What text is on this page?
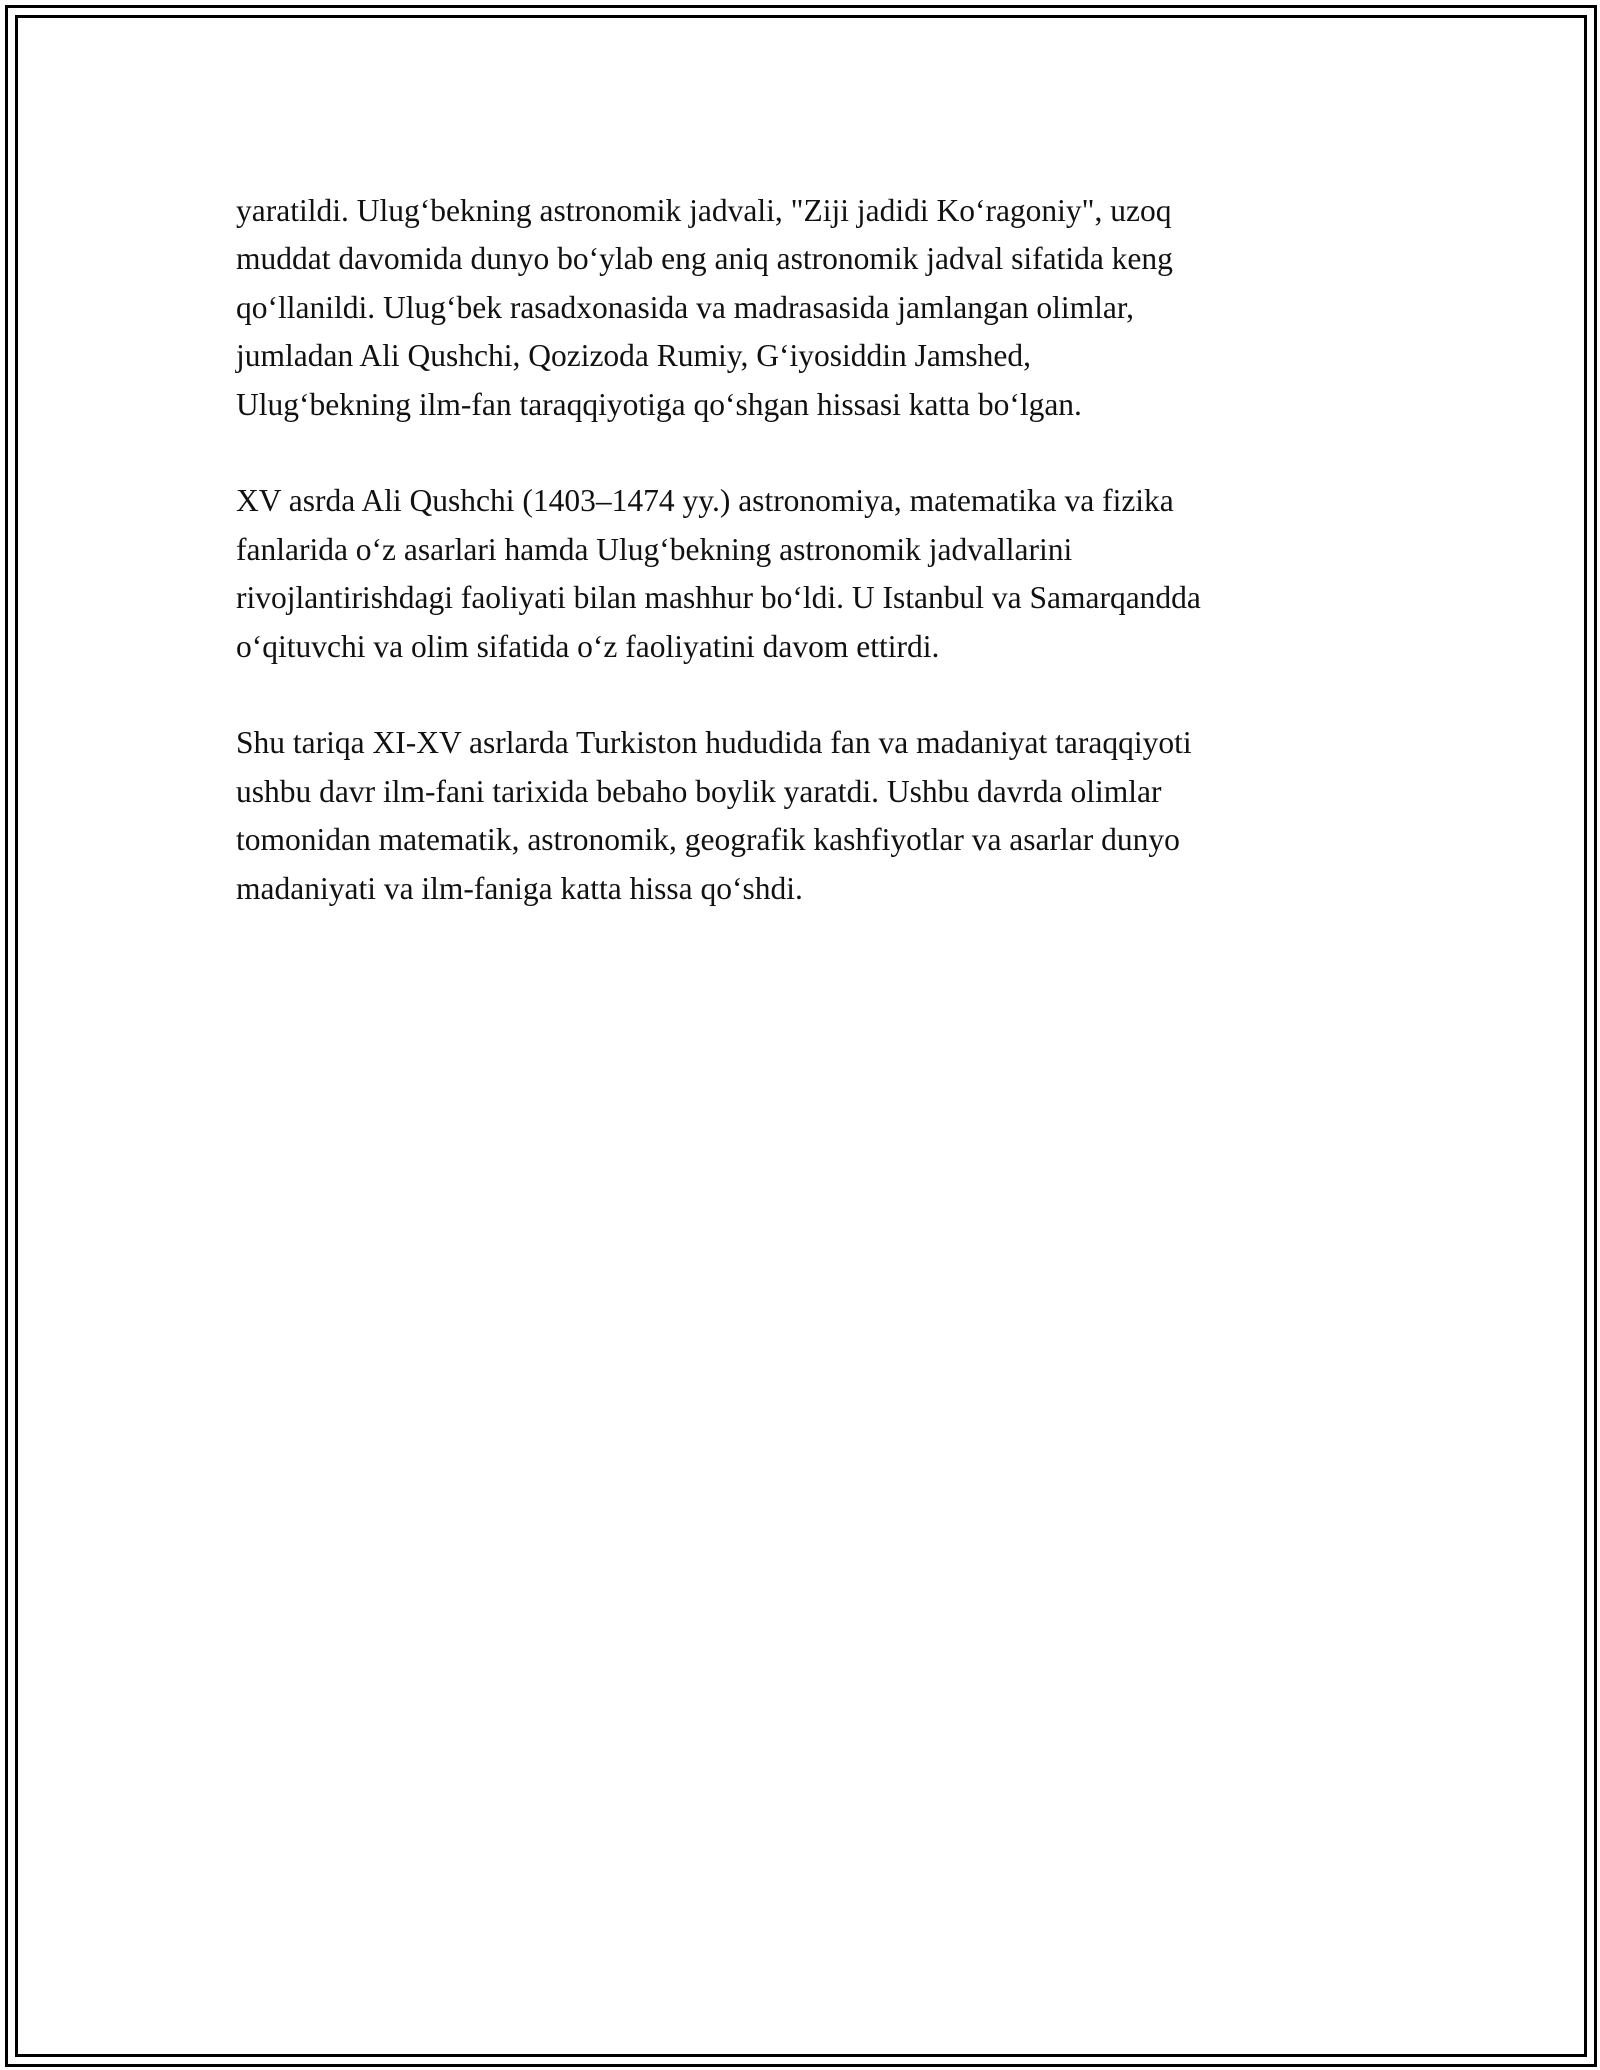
yaratildi. Ulug‘bekning astronomik jadvali, "Ziji jadidi Ko‘ragoniy", uzoq
muddat davomida dunyo bo‘ylab eng aniq astronomik jadval sifatida keng
qo‘llanildi. Ulug‘bek rasadxonasida va madrasasida jamlangan olimlar,
jumladan Ali Qushchi, Qozizoda Rumiy, G‘iyosiddin Jamshed,
Ulug‘bekning ilm-fan taraqqiyotiga qo‘shgan hissasi katta bo‘lgan.

XV asrda Ali Qushchi (1403–1474 yy.) astronomiya, matematika va fizika
fanlarida o‘z asarlari hamda Ulug‘bekning astronomik jadvallarini
rivojlantirishdagi faoliyati bilan mashhur bo‘ldi. U Istanbul va Samarqandda
o‘qituvchi va olim sifatida o‘z faoliyatini davom ettirdi.

Shu tariqa XI-XV asrlarda Turkiston hududida fan va madaniyat taraqqiyoti
ushbu davr ilm-fani tarixida bebaho boylik yaratdi. Ushbu davrda olimlar
tomonidan matematik, astronomik, geografik kashfiyotlar va asarlar dunyo
madaniyati va ilm-faniga katta hissa qo‘shdi.
